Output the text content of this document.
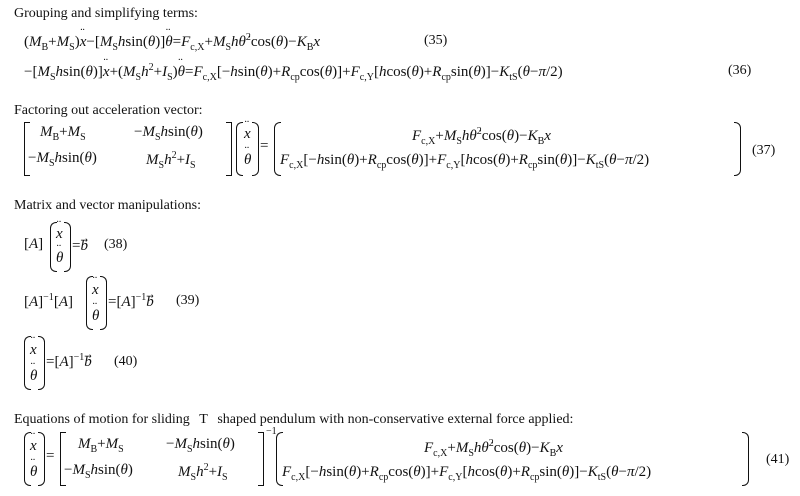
Grouping and simplifying terms:
$(M_B+M_S)\cdot\cdot x-[M_Shsin(\theta)]\cdot\cdot$ $\theta=F_{c,X}+M_Sh\thetȧ^2\cos(\theta)-K_Bx$	(35)
$-[M_Shsin(\theta)]\cdot\cdot x+(M_Sh^2+I_S)\cdot\cdot \theta=F_{c,X}[-hsin(\theta)+R_{cp}\cos(\theta)]+F_{c,Y}[hcos(\theta)+R_{cp}\sin(\theta)]-K_{tS}(\theta-\pi/2)$	(36)
Factoring out acceleration vector:
$M_B+M_S$	$-M_Shsin(\theta)$
$-M_Shsin(\theta)$	$M_Sh^2+I_S$
·· x
·· θ
=
$F_{c,X}+M_Sh\thetȧ^2\cos(\theta)-K_Bx$
$F_{c,X}[-hsin(\theta)+R_{cp}\cos(\theta)]+F_{c,Y}[hcos(\theta)+R_{cp}\sin(\theta)]-K_{tS}(\theta-\pi/2)$
(37)
Matrix and vector manipulations:
[A]
·· x
·· θ
=b (38)
$[A]^{-1}[A]$
·· x
·· θ
$=[A]^{-1}b$ (39)
·· x
·· θ
$=[A]^{-1}b$ (40)
Equations of motion for sliding T shaped pendulum with non-conservative external force applied:
·· x
·· θ
=
$M_B+M_S$	$-M_Shsin(\theta)$
$-M_Shsin(\theta)$	$M_Sh^2+I_S$
−1
$F_{c,X}+M_Sh\thetȧ^2\cos(\theta)-K_Bx$
$F_{c,X}[-hsin(\theta)+R_{cp}\cos(\theta)]+F_{c,Y}[hcos(\theta)+R_{cp}\sin(\theta)]-K_{tS}(\theta-\pi/2)$
(41)
